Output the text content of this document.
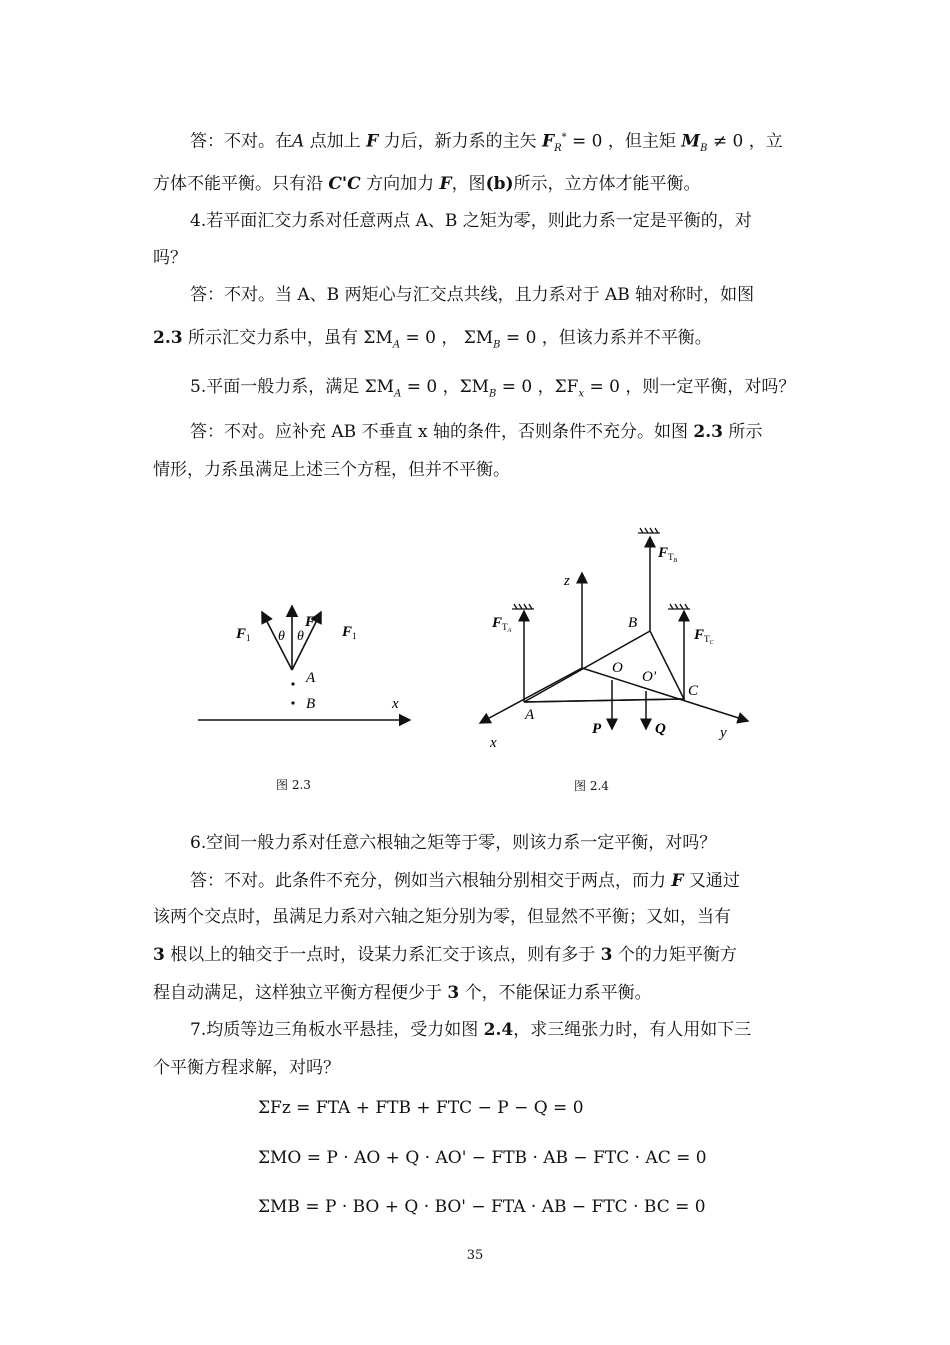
答：不对。在A 点加上 F 力后，新力系的主矢 $F_R^* = 0$ ，但主矩 $M_B \ne 0$ ，立
方体不能平衡。只有沿 C'C 方向加力 F，图(b)所示，立方体才能平衡。
4.若平面汇交力系对任意两点 A、B 之矩为零，则此力系一定是平衡的，对
吗？
答：不对。当 A、B 两矩心与汇交点共线，且力系对于 AB 轴对称时，如图
2.3 所示汇交力系中，虽有 $\Sigma M_A = 0$ ， $\Sigma M_B = 0$ ，但该力系并不平衡。
5.平面一般力系，满足 $\Sigma M_A = 0$ ，$\Sigma M_B = 0$ ，$\Sigma F_x = 0$ ，则一定平衡，对吗？
答：不对。应补充 AB 不垂直 x 轴的条件，否则条件不充分。如图 2.3 所示
情形，力系虽满足上述三个方程，但并不平衡。
$F_1$ θ θ
F
$F_1$
A
B	x
图 2.3
$F_TB$
z
$F_TA$	B
$F_TC$
O
O'
C
A
P	Q	y
x
图 2.4
6.空间一般力系对任意六根轴之矩等于零，则该力系一定平衡，对吗？
答：不对。此条件不充分，例如当六根轴分别相交于两点，而力 F 又通过
该两个交点时，虽满足力系对六轴之矩分别为零，但显然不平衡；又如，当有
3 根以上的轴交于一点时，设某力系汇交于该点，则有多于 3 个的力矩平衡方
程自动满足，这样独立平衡方程便少于 3 个，不能保证力系平衡。
7.均质等边三角板水平悬挂，受力如图 2.4，求三绳张力时，有人用如下三
个平衡方程求解，对吗？
ΣFz = FTA + FTB + FTC − P − Q = 0
ΣMO = P · AO + Q · AO' − FTB · AB − FTC · AC = 0
ΣMB = P · BO + Q · BO' − FTA · AB − FTC · BC = 0
35
